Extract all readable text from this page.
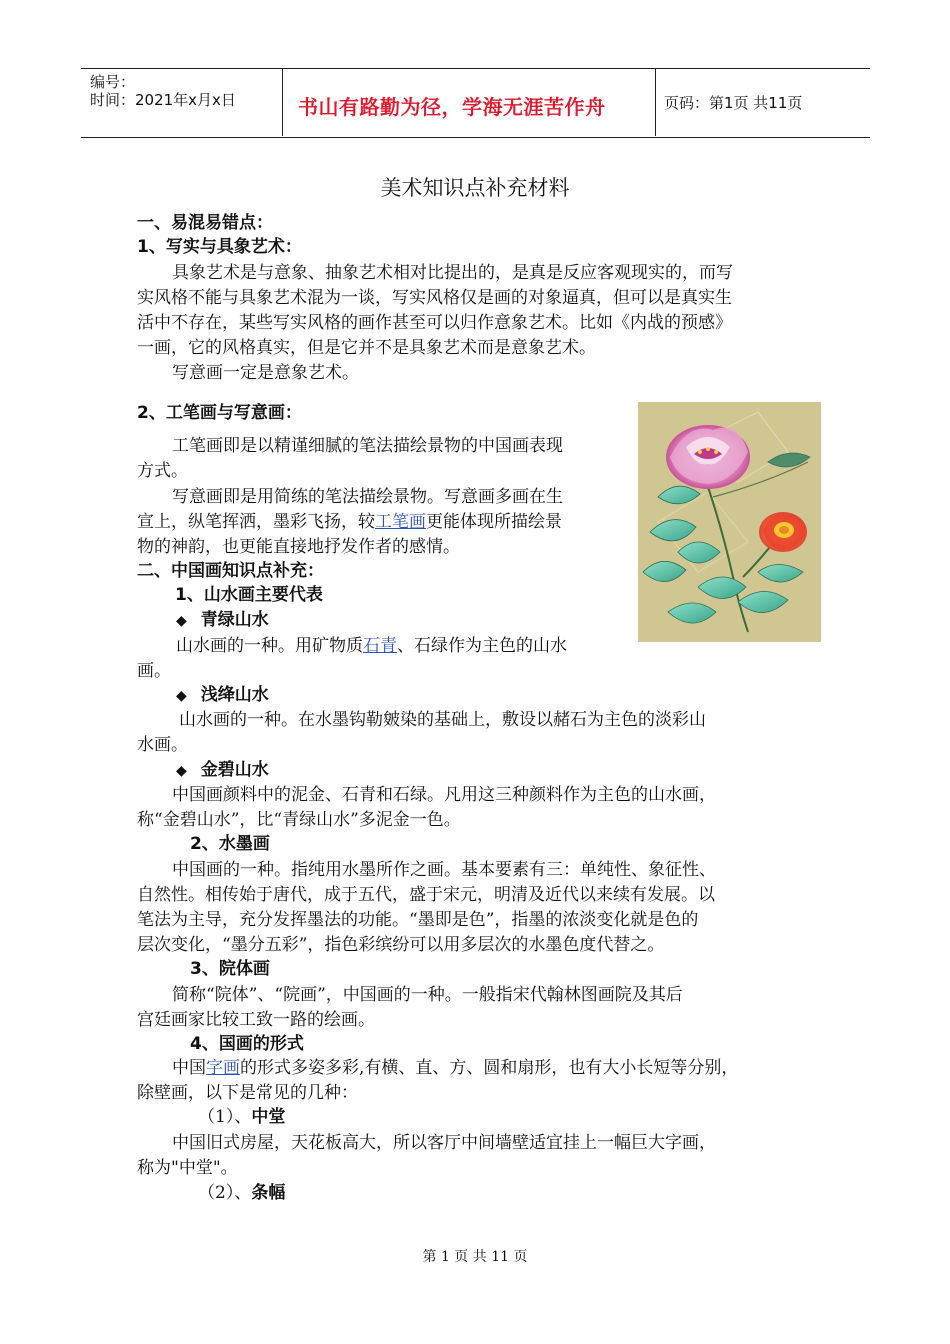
编号：
时间：2021年x月x日	书山有路勤为径，学海无涯苦作舟	页码：第1页 共11页
美术知识点补充材料
一、易混易错点：
1、写实与具象艺术：
具象艺术是与意象、抽象艺术相对比提出的，是真是反应客观现实的，而写
实风格不能与具象艺术混为一谈，写实风格仅是画的对象逼真，但可以是真实生
活中不存在，某些写实风格的画作甚至可以归作意象艺术。比如《内战的预感》
一画，它的风格真实，但是它并不是具象艺术而是意象艺术。
写意画一定是意象艺术。
2、工笔画与写意画：
工笔画即是以精谨细腻的笔法描绘景物的中国画表现
方式。
写意画即是用简练的笔法描绘景物。写意画多画在生
宣上，纵笔挥洒，墨彩飞扬，较工笔画更能体现所描绘景
物的神韵，也更能直接地抒发作者的感情。
二、中国画知识点补充：
1、山水画主要代表
◆ 青绿山水
山水画的一种。用矿物质石青、石绿作为主色的山水
画。
◆ 浅绛山水
山水画的一种。在水墨钩勒皴染的基础上，敷设以赭石为主色的淡彩山
水画。
◆ 金碧山水
中国画颜料中的泥金、石青和石绿。凡用这三种颜料作为主色的山水画，
称“金碧山水”，比“青绿山水”多泥金一色。
2、水墨画
中国画的一种。指纯用水墨所作之画。基本要素有三：单纯性、象征性、
自然性。相传始于唐代，成于五代，盛于宋元，明清及近代以来续有发展。以
笔法为主导，充分发挥墨法的功能。“墨即是色”，指墨的浓淡变化就是色的
层次变化，“墨分五彩”，指色彩缤纷可以用多层次的水墨色度代替之。
3、院体画
简称“院体”、“院画”，中国画的一种。一般指宋代翰林图画院及其后
宫廷画家比较工致一路的绘画。
4、国画的形式
中国字画的形式多姿多彩,有横、直、方、圆和扇形，也有大小长短等分别，
除壁画，以下是常见的几种：
（1）、中堂
中国旧式房屋，天花板高大，所以客厅中间墙壁适宜挂上一幅巨大字画，
称为"中堂"。
（2）、条幅
第 1 页 共 11 页
